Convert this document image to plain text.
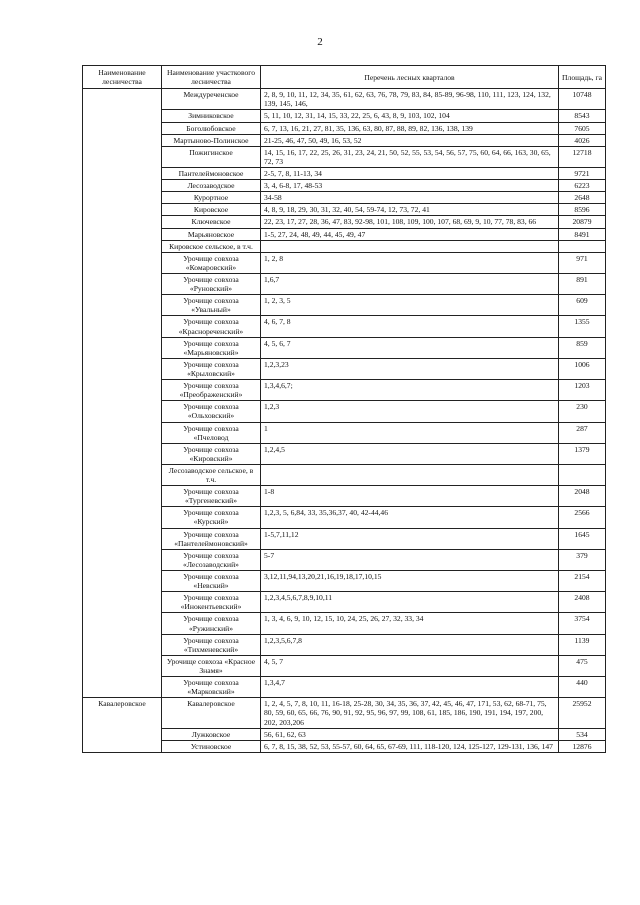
2
Наименование лесничества	Наименование участкового лесничества	Перечень лесных кварталов	Площадь, га
	Междуреченское	2, 8, 9, 10, 11, 12, 34, 35, 61, 62, 63, 76, 78, 79, 83, 84, 85-89, 96-98, 110, 111, 123, 124, 132, 139, 145, 146,	10748
	Зимниковское	5, 11, 10, 12, 31, 14, 15, 33, 22, 25, 6, 43, 8, 9, 103, 102, 104	8543
	Боголюбовское	6, 7, 13, 16, 21, 27, 81, 35, 136, 63, 80, 87, 88, 89, 82, 136, 138, 139	7605
	Мартыново-Полинское	21-25, 46, 47, 50, 49, 16, 53, 52	4026
	Пожигинское	14, 15, 16, 17, 22, 25, 26, 31, 23, 24, 21, 50, 52, 55, 53, 54, 56, 57, 75, 60, 64, 66, 163, 30, 65, 72, 73	12718
	Пантелеймоновское	2-5, 7, 8, 11-13, 34	9721
	Лесозаводское	3, 4, 6-8, 17, 48-53	6223
	Курортное	34-58	2648
	Кировское	4, 8, 9, 18, 29, 30, 31, 32, 40, 54, 59-74, 12, 73, 72, 41	8596
	Ключевское	22, 23, 17, 27, 28, 36, 47, 83, 92-98, 101, 108, 109, 100, 107, 68, 69, 9, 10, 77, 78, 83, 66	20879
	Марьяновское	1-5, 27, 24, 48, 49, 44, 45, 49, 47	8491
	Кировское сельское, в т.ч.		
	Урочище совхоза «Комаровский»	1, 2, 8	971
	Урочище совхоза «Руновский»	1,6,7	891
	Урочище совхоза «Увальный»	1, 2, 3, 5	609
	Урочище совхоза «Краснореченский»	4, 6, 7, 8	1355
	Урочище совхоза «Марьяновский»	4, 5, 6, 7	859
	Урочище совхоза «Крыловский»	1,2,3,23	1006
	Урочище совхоза «Преображенский»	1,3,4,6,7;	1203
	Урочище совхоза «Ольховский»	1,2,3	230
	Урочище совхоза «Пчеловод	1	287
	Урочище совхоза «Кировский»	1,2,4,5	1379
	Лесозаводское сельское, в т.ч.		
	Урочище совхоза «Тургеневский»	1-8	2048
	Урочище совхоза «Курский»	1,2,3, 5, 6,84, 33, 35,36,37, 40, 42-44,46	2566
	Урочище совхоза «Пантелеймоновский»	1-5,7,11,12	1645
	Урочище совхоза «Лесозаводский»	5-7	379
	Урочище совхоза «Невский»	3,12,11,94,13,20,21,16,19,18,17,10,15	2154
	Урочище совхоза «Инокентьевский»	1,2,3,4,5,6,7,8,9,10,11	2408
	Урочище совхоза «Ружинский»	1, 3, 4, 6, 9, 10, 12, 15, 10, 24, 25, 26, 27, 32, 33, 34	3754
	Урочище совхоза «Тихменевский»	1,2,3,5,6,7,8	1139
	Урочище совхоза «Красное Знамя»	4, 5, 7	475
	Урочище совхоза «Марковский»	1,3,4,7	440
Кавалеровское	Кавалеровское	1, 2, 4, 5, 7, 8, 10, 11, 16-18, 25-28, 30, 34, 35, 36, 37, 42, 45, 46, 47, 171, 53, 62, 68-71, 75, 80, 59, 60, 65, 66, 76, 90, 91, 92, 95, 96, 97, 99, 108, 61, 185, 186, 190, 191, 194, 197, 200, 202, 203,206	25952
	Лужковское	56, 61, 62, 63	534
	Устиновское	6, 7, 8, 15, 38, 52, 53, 55-57, 60, 64, 65, 67-69, 111, 118-120, 124, 125-127, 129-131, 136, 147	12876
